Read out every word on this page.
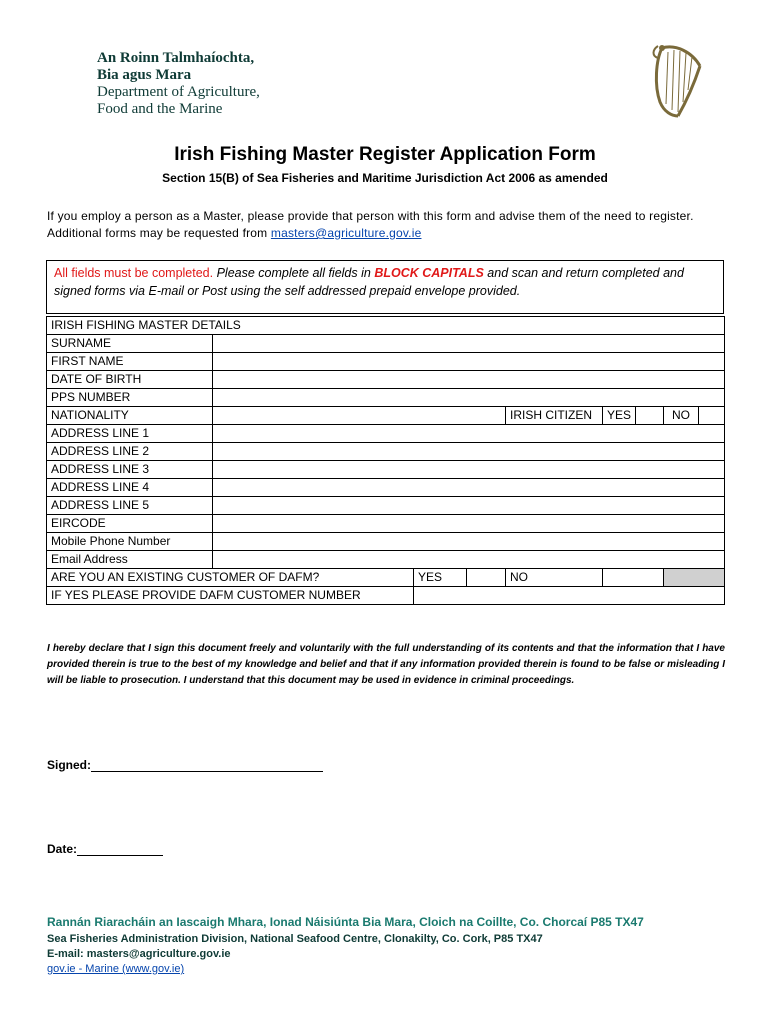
An Roinn Talmhaíochta,
Bia agus Mara
Department of Agriculture,
Food and the Marine
Irish Fishing Master Register Application Form
Section 15(B) of Sea Fisheries and Maritime Jurisdiction Act 2006 as amended
If you employ a person as a Master, please provide that person with this form and advise them of the need to register.
Additional forms may be requested from masters@agriculture.gov.ie
All fields must be completed. Please complete all fields in BLOCK CAPITALS and scan and return completed and signed forms via E-mail or Post using the self addressed prepaid envelope provided.
IRISH FISHING MASTER DETAILS								
SURNAME								
FIRST NAME								
DATE OF BIRTH								
PPS NUMBER								
NATIONALITY				IRISH CITIZEN	YES		NO	
ADDRESS LINE 1								
ADDRESS LINE 2								
ADDRESS LINE 3								
ADDRESS LINE 4								
ADDRESS LINE 5								
EIRCODE								
Mobile Phone Number								
Email Address								
ARE YOU AN EXISTING CUSTOMER OF DAFM?		YES		NO				
IF YES PLEASE PROVIDE DAFM CUSTOMER NUMBER								
I hereby declare that I sign this document freely and voluntarily with the full understanding of its contents and that the information that I have provided therein is true to the best of my knowledge and belief and that if any information provided therein is found to be false or misleading I will be liable to prosecution. I understand that this document may be used in evidence in criminal proceedings.
Signed:
Date:
Rannán Riaracháin an Iascaigh Mhara, Ionad Náisiúnta Bia Mara, Cloich na Coillte, Co. Chorcaí P85 TX47
Sea Fisheries Administration Division, National Seafood Centre, Clonakilty, Co. Cork, P85 TX47
E-mail: masters@agriculture.gov.ie
gov.ie - Marine (www.gov.ie)
